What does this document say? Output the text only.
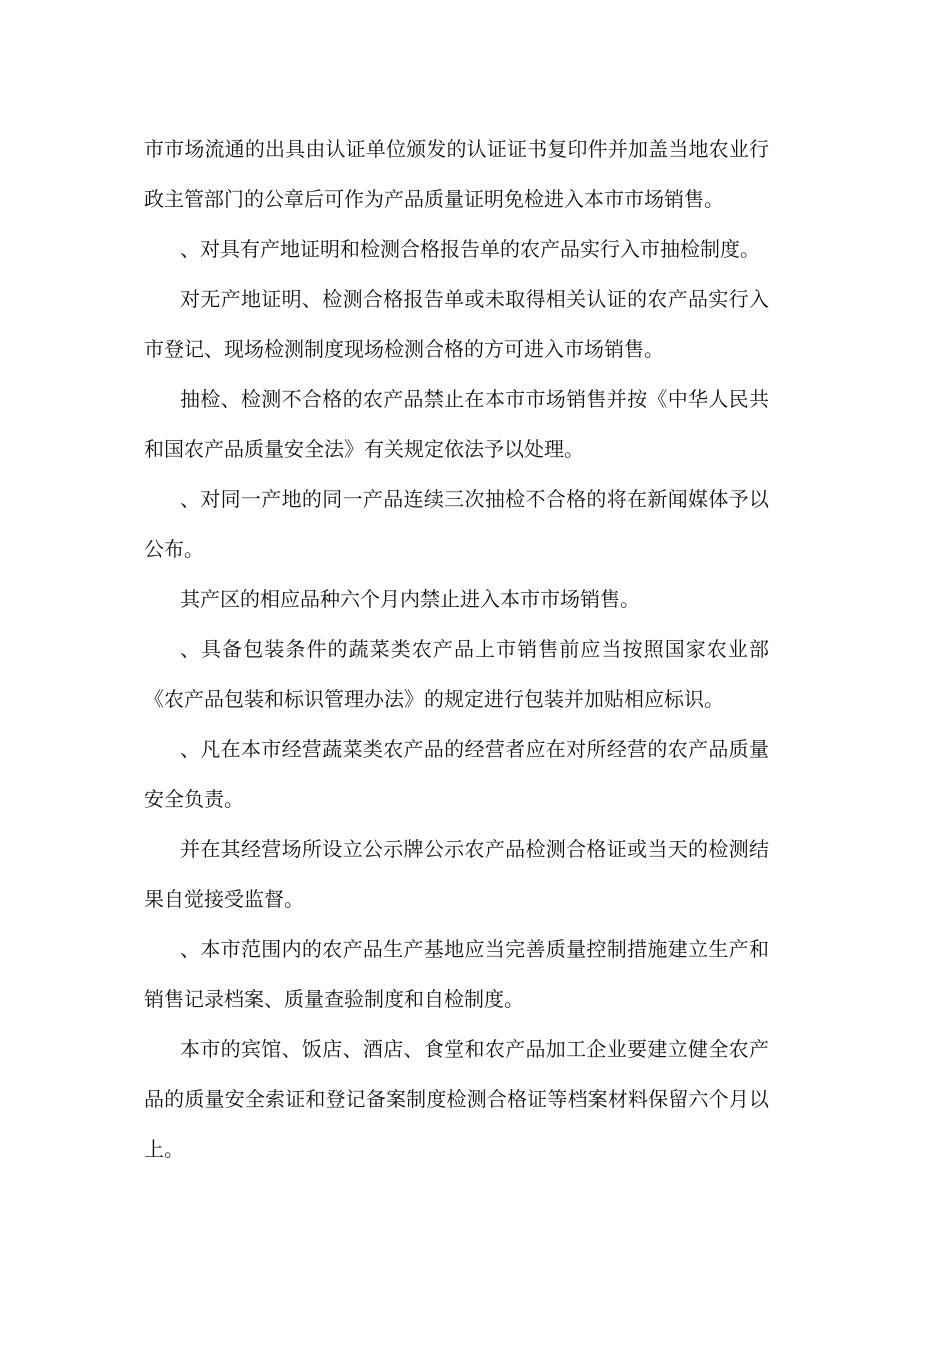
市市场流通的出具由认证单位颁发的认证证书复印件并加盖当地农业行政主管部门的公章后可作为产品质量证明免检进入本市市场销售。

、对具有产地证明和检测合格报告单的农产品实行入市抽检制度。

对无产地证明、检测合格报告单或未取得相关认证的农产品实行入市登记、现场检测制度现场检测合格的方可进入市场销售。

抽检、检测不合格的农产品禁止在本市市场销售并按《中华人民共和国农产品质量安全法》有关规定依法予以处理。

、对同一产地的同一产品连续三次抽检不合格的将在新闻媒体予以公布。

其产区的相应品种六个月内禁止进入本市市场销售。

、具备包装条件的蔬菜类农产品上市销售前应当按照国家农业部《农产品包装和标识管理办法》的规定进行包装并加贴相应标识。

、凡在本市经营蔬菜类农产品的经营者应在对所经营的农产品质量安全负责。

并在其经营场所设立公示牌公示农产品检测合格证或当天的检测结果自觉接受监督。

、本市范围内的农产品生产基地应当完善质量控制措施建立生产和销售记录档案、质量查验制度和自检制度。

本市的宾馆、饭店、酒店、食堂和农产品加工企业要建立健全农产品的质量安全索证和登记备案制度检测合格证等档案材料保留六个月以上。
